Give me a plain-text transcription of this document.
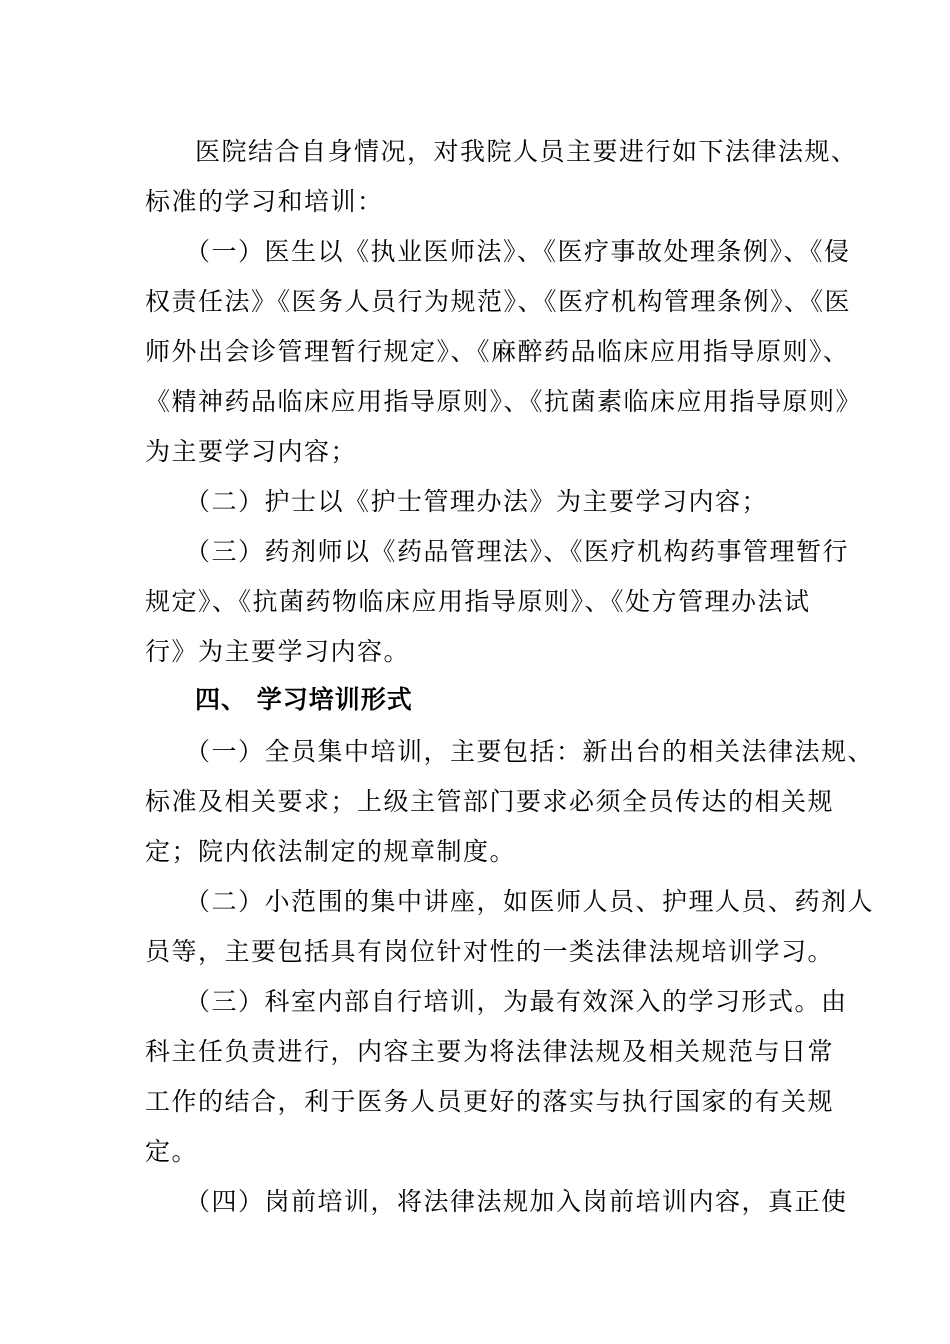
医院结合自身情况，对我院人员主要进行如下法律法规、
标准的学习和培训：
（一）医生以《执业医师法》、《医疗事故处理条例》、《侵
权责任法》《医务人员行为规范》、《医疗机构管理条例》、《医
师外出会诊管理暂行规定》、《麻醉药品临床应用指导原则》、
《精神药品临床应用指导原则》、《抗菌素临床应用指导原则》
为主要学习内容；
（二）护士以《护士管理办法》为主要学习内容；
（三）药剂师以《药品管理法》、《医疗机构药事管理暂行
规定》、《抗菌药物临床应用指导原则》、《处方管理办法试
行》为主要学习内容。
四、 学习培训形式
（一）全员集中培训，主要包括：新出台的相关法律法规、
标准及相关要求；上级主管部门要求必须全员传达的相关规
定；院内依法制定的规章制度。
（二）小范围的集中讲座，如医师人员、护理人员、药剂人
员等，主要包括具有岗位针对性的一类法律法规培训学习。
（三）科室内部自行培训，为最有效深入的学习形式。由
科主任负责进行，内容主要为将法律法规及相关规范与日常
工作的结合，利于医务人员更好的落实与执行国家的有关规
定。
（四）岗前培训，将法律法规加入岗前培训内容，真正使
